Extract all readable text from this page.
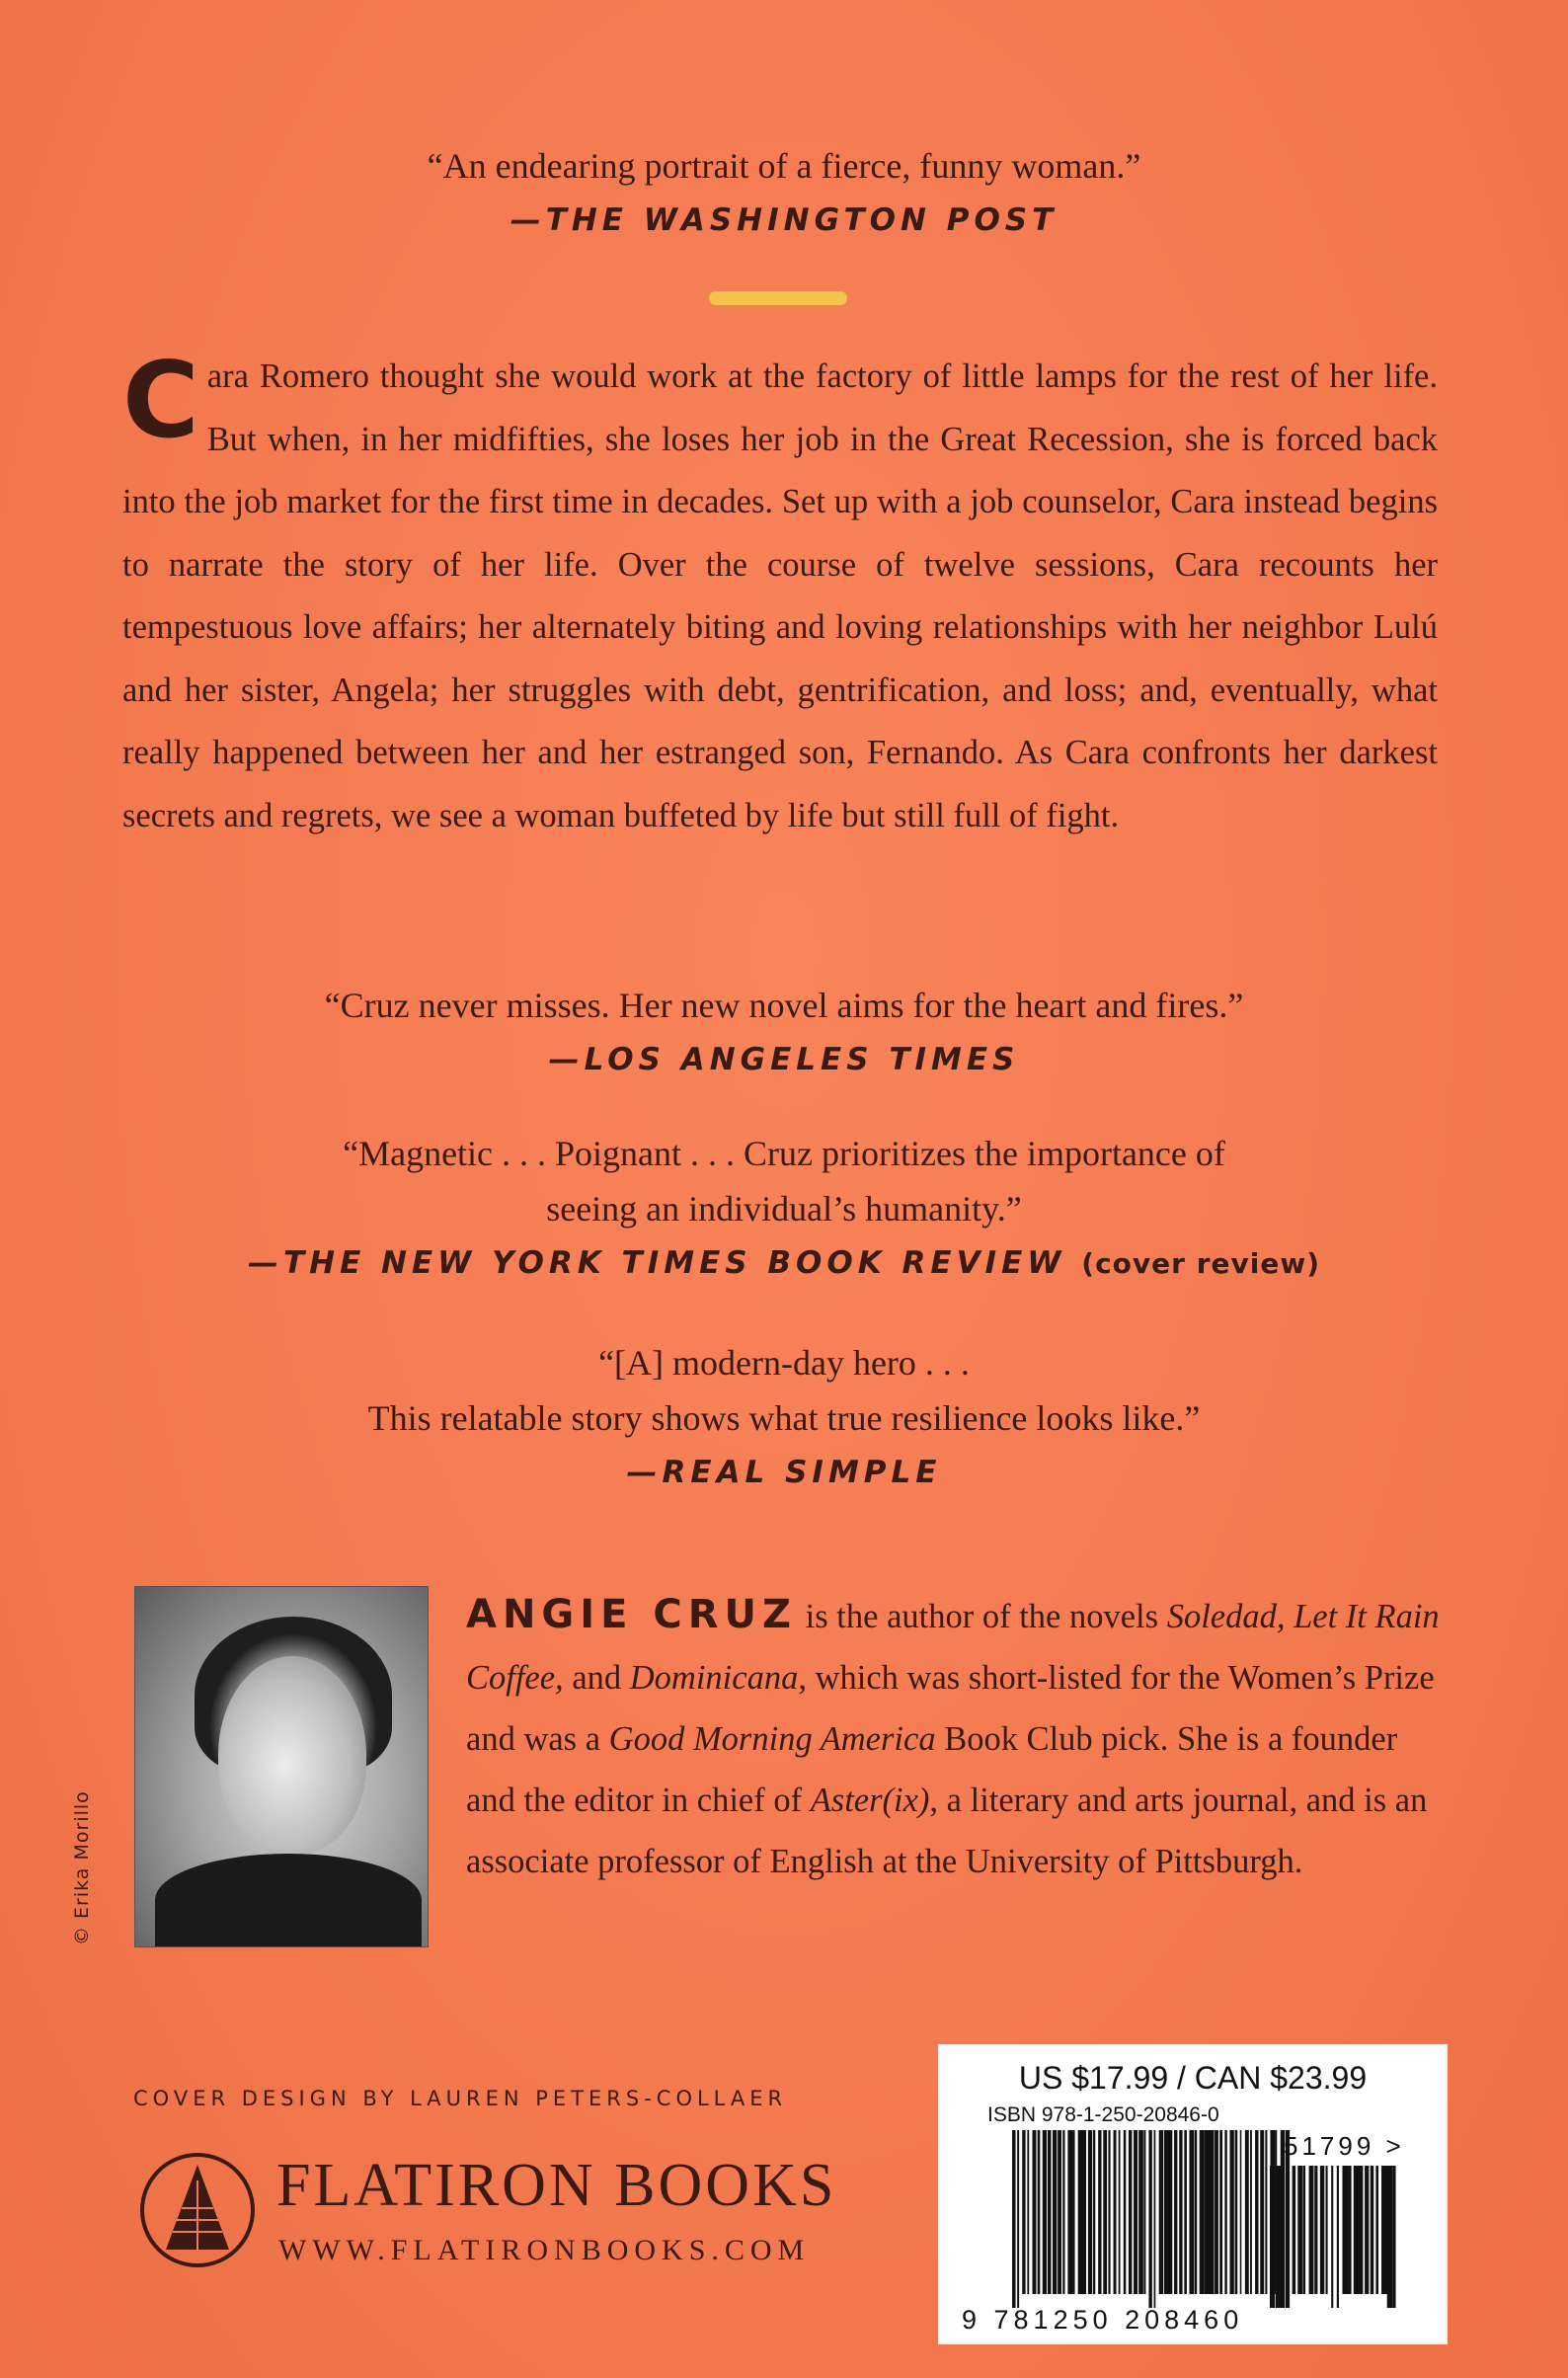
“An endearing portrait of a fierce, funny woman.”
—THE WASHINGTON POST
C ara Romero thought she would work at the factory of little lamps for the rest of her life. But when, in her midfifties, she loses her job in the Great Recession, she is forced back into the job market for the first time in decades. Set up with a job counselor, Cara instead begins to narrate the story of her life. Over the course of twelve sessions, Cara recounts her tempestuous love affairs; her alternately biting and loving relationships with her neighbor Lulú and her sister, Angela; her struggles with debt, gentrification, and loss; and, eventually, what really happened between her and her estranged son, Fernando. As Cara confronts her darkest secrets and regrets, we see a woman buffeted by life but still full of fight.
“Cruz never misses. Her new novel aims for the heart and fires.”
—LOS ANGELES TIMES
“Magnetic . . . Poignant . . . Cruz prioritizes the importance of
seeing an individual’s humanity.”
—THE NEW YORK TIMES BOOK REVIEW (cover review)
“[A] modern-day hero . . .
This relatable story shows what true resilience looks like.”
—REAL SIMPLE
© Erika Morillo
ANGIE CRUZ is the author of the novels Soledad, Let It Rain Coffee, and Dominicana, which was short-listed for the Women’s Prize and was a Good Morning America Book Club pick. She is a founder and the editor in chief of Aster(ix), a literary and arts journal, and is an associate professor of English at the University of Pittsburgh.
COVER DESIGN BY LAUREN PETERS-COLLAER
FLATIRON BOOKS
WWW.FLATIRONBOOKS.COM
US $17.99 / CAN $23.99
ISBN 978-1-250-20846-0
51799 >
9 781250 208460
